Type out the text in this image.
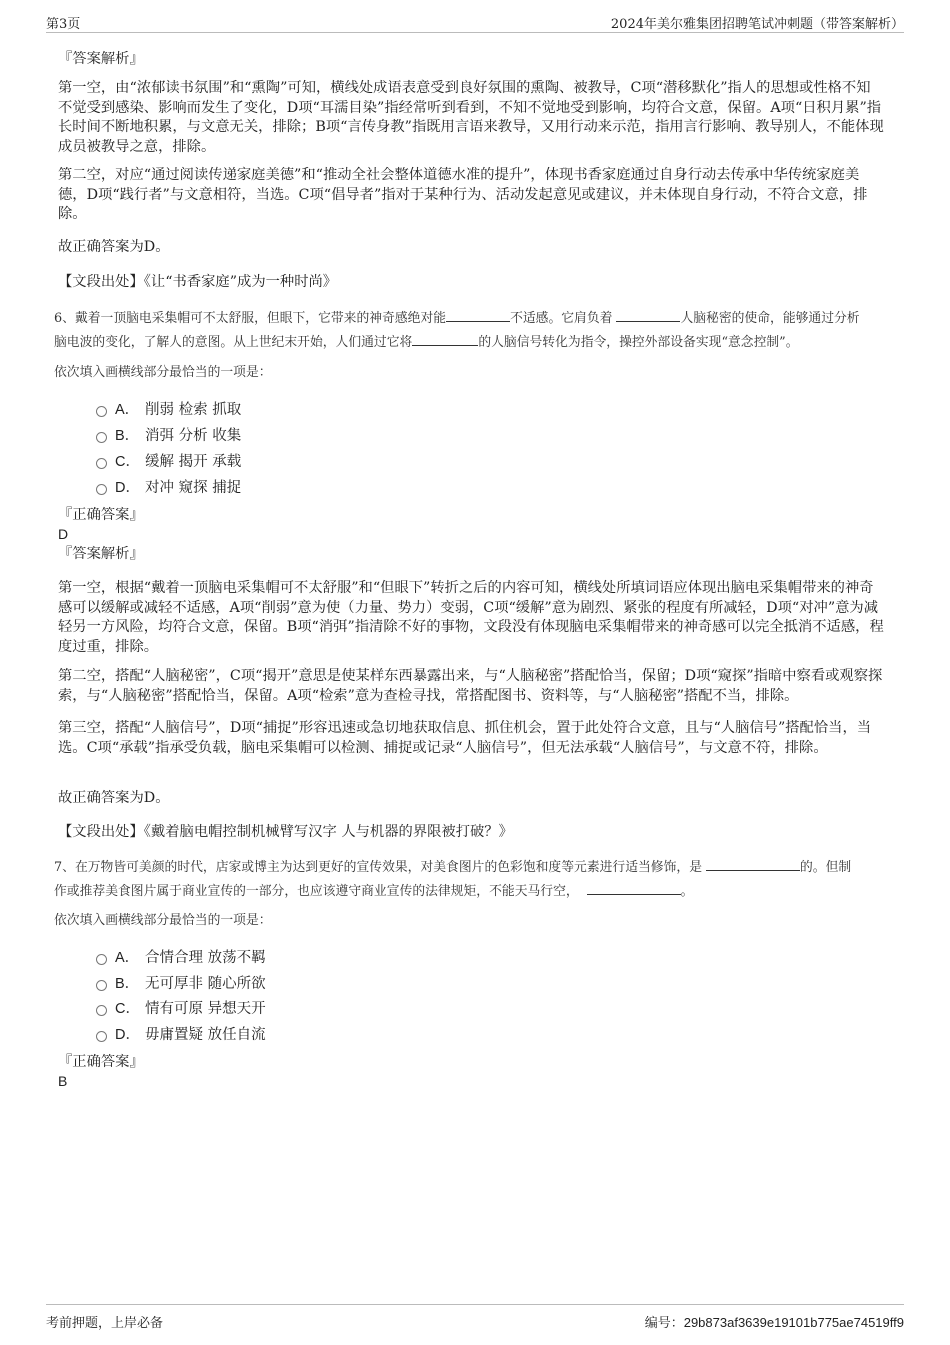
第3页	2024年美尔雅集团招聘笔试冲刺题（带答案解析）
『答案解析』
第一空，由“浓郁读书氛围”和“熏陶”可知，横线处成语表意受到良好氛围的熏陶、被教导，C项“潜移默化”指人的思想或性格不知不觉受到感染、影响而发生了变化，D项“耳濡目染”指经常听到看到，不知不觉地受到影响，均符合文意，保留。A项“日积月累”指长时间不断地积累，与文意无关，排除；B项“言传身教”指既用言语来教导，又用行动来示范，指用言行影响、教导别人，不能体现成员被教导之意，排除。
第二空，对应“通过阅读传递家庭美德”和“推动全社会整体道德水准的提升”，体现书香家庭通过自身行动去传承中华传统家庭美德，D项“践行者”与文意相符，当选。C项“倡导者”指对于某种行为、活动发起意见或建议，并未体现自身行动，不符合文意，排除。
故正确答案为D。
【文段出处】《让“书香家庭”成为一种时尚》
6、戴着一顶脑电采集帽可不太舒服，但眼下，它带来的神奇感绝对能	不适感。它肩负着	人脑秘密的使命，能够通过分析
脑电波的变化，了解人的意图。从上世纪末开始，人们通过它将	的人脑信号转化为指令，操控外部设备实现“意念控制”。
依次填入画横线部分最恰当的一项是：
A． 削弱 检索 抓取
B． 消弭 分析 收集
C． 缓解 揭开 承载
D． 对冲 窥探 捕捉
『正确答案』
D
『答案解析』
第一空，根据“戴着一顶脑电采集帽可不太舒服”和“但眼下”转折之后的内容可知，横线处所填词语应体现出脑电采集帽带来的神奇感可以缓解或减轻不适感，A项“削弱”意为使（力量、势力）变弱，C项“缓解”意为剧烈、紧张的程度有所减轻，D项“对冲”意为减轻另一方风险，均符合文意，保留。B项“消弭”指清除不好的事物，文段没有体现脑电采集帽带来的神奇感可以完全抵消不适感，程度过重，排除。
第二空，搭配“人脑秘密”，C项“揭开”意思是使某样东西暴露出来，与“人脑秘密”搭配恰当，保留；D项“窥探”指暗中察看或观察探索，与“人脑秘密”搭配恰当，保留。A项“检索”意为查检寻找，常搭配图书、资料等，与“人脑秘密”搭配不当，排除。
第三空，搭配“人脑信号”，D项“捕捉”形容迅速或急切地获取信息、抓住机会，置于此处符合文意，且与“人脑信号”搭配恰当，当选。C项“承载”指承受负载，脑电采集帽可以检测、捕捉或记录“人脑信号”，但无法承载“人脑信号”，与文意不符，排除。
故正确答案为D。
【文段出处】《戴着脑电帽控制机械臂写汉字 人与机器的界限被打破？》
7、在万物皆可美颜的时代，店家或博主为达到更好的宣传效果，对美食图片的色彩饱和度等元素进行适当修饰，是	的。但制
作或推荐美食图片属于商业宣传的一部分，也应该遵守商业宣传的法律规矩，不能天马行空，	。
依次填入画横线部分最恰当的一项是：
A． 合情合理 放荡不羁
B． 无可厚非 随心所欲
C． 情有可原 异想天开
D． 毋庸置疑 放任自流
『正确答案』
B
考前押题，上岸必备	编号：29b873af3639e19101b775ae74519ff9
